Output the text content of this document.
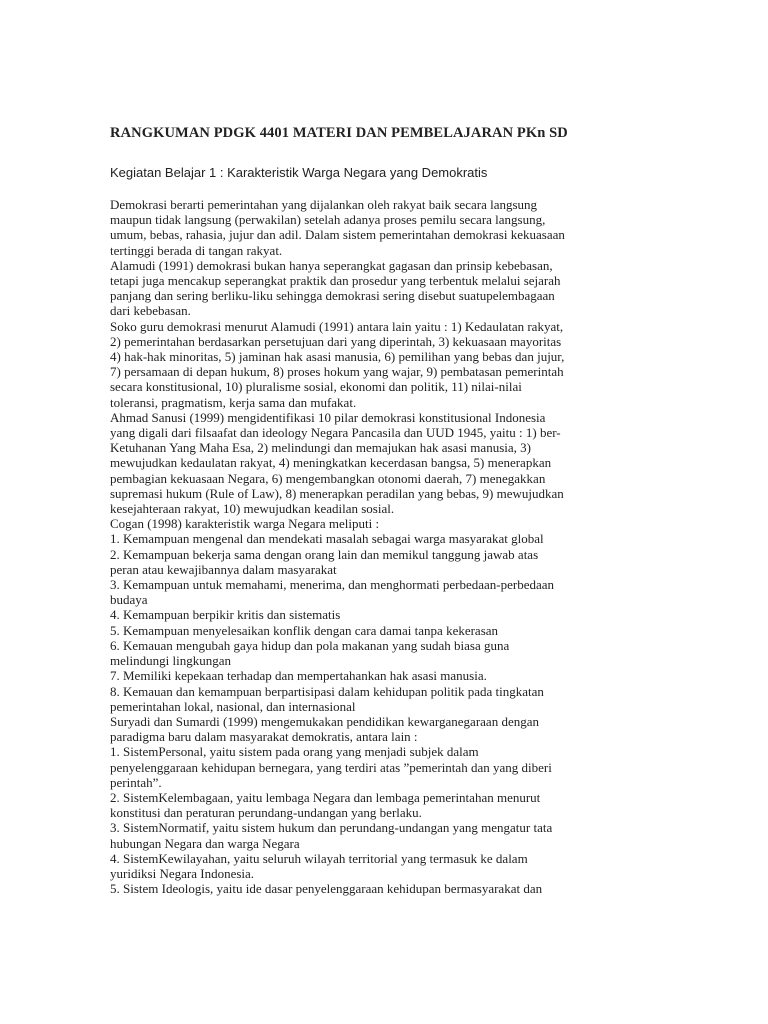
RANGKUMAN PDGK 4401 MATERI DAN PEMBELAJARAN PKn SD
Kegiatan Belajar 1 : Karakteristik Warga Negara yang Demokratis
Demokrasi berarti pemerintahan yang dijalankan oleh rakyat baik secara langsung
maupun tidak langsung (perwakilan) setelah adanya proses pemilu secara langsung,
umum, bebas, rahasia, jujur dan adil. Dalam sistem pemerintahan demokrasi kekuasaan
tertinggi berada di tangan rakyat.
Alamudi (1991) demokrasi bukan hanya seperangkat gagasan dan prinsip kebebasan,
tetapi juga mencakup seperangkat praktik dan prosedur yang terbentuk melalui sejarah
panjang dan sering berliku-liku sehingga demokrasi sering disebut suatupelembagaan
dari kebebasan.
Soko guru demokrasi menurut Alamudi (1991) antara lain yaitu : 1) Kedaulatan rakyat,
2) pemerintahan berdasarkan persetujuan dari yang diperintah, 3) kekuasaan mayoritas
4) hak-hak minoritas, 5) jaminan hak asasi manusia, 6) pemilihan yang bebas dan jujur,
7) persamaan di depan hukum, 8) proses hokum yang wajar, 9) pembatasan pemerintah
secara konstitusional, 10) pluralisme sosial, ekonomi dan politik, 11) nilai-nilai
toleransi, pragmatism, kerja sama dan mufakat.
Ahmad Sanusi (1999) mengidentifikasi 10 pilar demokrasi konstitusional Indonesia
yang digali dari filsaafat dan ideology Negara Pancasila dan UUD 1945, yaitu : 1) ber-
Ketuhanan Yang Maha Esa, 2) melindungi dan memajukan hak asasi manusia, 3)
mewujudkan kedaulatan rakyat, 4) meningkatkan kecerdasan bangsa, 5) menerapkan
pembagian kekuasaan Negara, 6) mengembangkan otonomi daerah, 7) menegakkan
supremasi hukum (Rule of Law), 8) menerapkan peradilan yang bebas, 9) mewujudkan
kesejahteraan rakyat, 10) mewujudkan keadilan sosial.
Cogan (1998) karakteristik warga Negara meliputi :
1. Kemampuan mengenal dan mendekati masalah sebagai warga masyarakat global
2. Kemampuan bekerja sama dengan orang lain dan memikul tanggung jawab atas
peran atau kewajibannya dalam masyarakat
3. Kemampuan untuk memahami, menerima, dan menghormati perbedaan-perbedaan
budaya
4. Kemampuan berpikir kritis dan sistematis
5. Kemampuan menyelesaikan konflik dengan cara damai tanpa kekerasan
6. Kemauan mengubah gaya hidup dan pola makanan yang sudah biasa guna
melindungi lingkungan
7. Memiliki kepekaan terhadap dan mempertahankan hak asasi manusia.
8. Kemauan dan kemampuan berpartisipasi dalam kehidupan politik pada tingkatan
pemerintahan lokal, nasional, dan internasional
Suryadi dan Sumardi (1999) mengemukakan pendidikan kewarganegaraan dengan
paradigma baru dalam masyarakat demokratis, antara lain :
1. SistemPersonal, yaitu sistem pada orang yang menjadi subjek dalam
penyelenggaraan kehidupan bernegara, yang terdiri atas ”pemerintah dan yang diberi
perintah”.
2. SistemKelembagaan, yaitu lembaga Negara dan lembaga pemerintahan menurut
konstitusi dan peraturan perundang-undangan yang berlaku.
3. SistemNormatif, yaitu sistem hukum dan perundang-undangan yang mengatur tata
hubungan Negara dan warga Negara
4. SistemKewilayahan, yaitu seluruh wilayah territorial yang termasuk ke dalam
yuridiksi Negara Indonesia.
5. Sistem Ideologis, yaitu ide dasar penyelenggaraan kehidupan bermasyarakat dan
